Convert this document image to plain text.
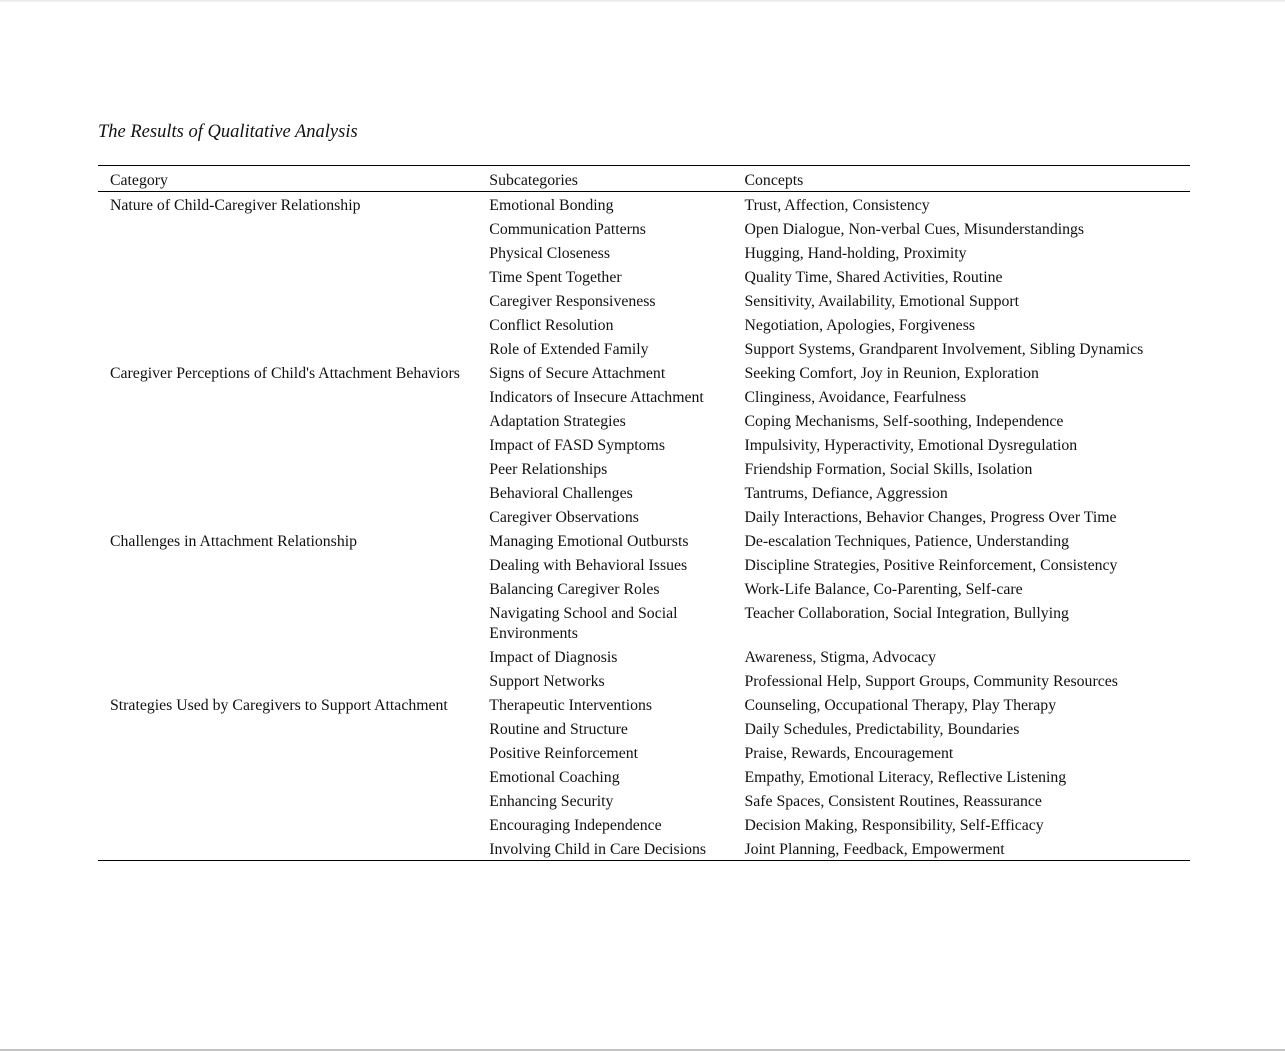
The Results of Qualitative Analysis
Category	Subcategories	Concepts
Nature of Child-Caregiver Relationship	Emotional Bonding	Trust, Affection, Consistency
	Communication Patterns	Open Dialogue, Non-verbal Cues, Misunderstandings
	Physical Closeness	Hugging, Hand-holding, Proximity
	Time Spent Together	Quality Time, Shared Activities, Routine
	Caregiver Responsiveness	Sensitivity, Availability, Emotional Support
	Conflict Resolution	Negotiation, Apologies, Forgiveness
	Role of Extended Family	Support Systems, Grandparent Involvement, Sibling Dynamics
Caregiver Perceptions of Child's Attachment Behaviors	Signs of Secure Attachment	Seeking Comfort, Joy in Reunion, Exploration
	Indicators of Insecure Attachment	Clinginess, Avoidance, Fearfulness
	Adaptation Strategies	Coping Mechanisms, Self-soothing, Independence
	Impact of FASD Symptoms	Impulsivity, Hyperactivity, Emotional Dysregulation
	Peer Relationships	Friendship Formation, Social Skills, Isolation
	Behavioral Challenges	Tantrums, Defiance, Aggression
	Caregiver Observations	Daily Interactions, Behavior Changes, Progress Over Time
Challenges in Attachment Relationship	Managing Emotional Outbursts	De-escalation Techniques, Patience, Understanding
	Dealing with Behavioral Issues	Discipline Strategies, Positive Reinforcement, Consistency
	Balancing Caregiver Roles	Work-Life Balance, Co-Parenting, Self-care
	Navigating School and Social Environments	Teacher Collaboration, Social Integration, Bullying
	Impact of Diagnosis	Awareness, Stigma, Advocacy
	Support Networks	Professional Help, Support Groups, Community Resources
Strategies Used by Caregivers to Support Attachment	Therapeutic Interventions	Counseling, Occupational Therapy, Play Therapy
	Routine and Structure	Daily Schedules, Predictability, Boundaries
	Positive Reinforcement	Praise, Rewards, Encouragement
	Emotional Coaching	Empathy, Emotional Literacy, Reflective Listening
	Enhancing Security	Safe Spaces, Consistent Routines, Reassurance
	Encouraging Independence	Decision Making, Responsibility, Self-Efficacy
	Involving Child in Care Decisions	Joint Planning, Feedback, Empowerment
